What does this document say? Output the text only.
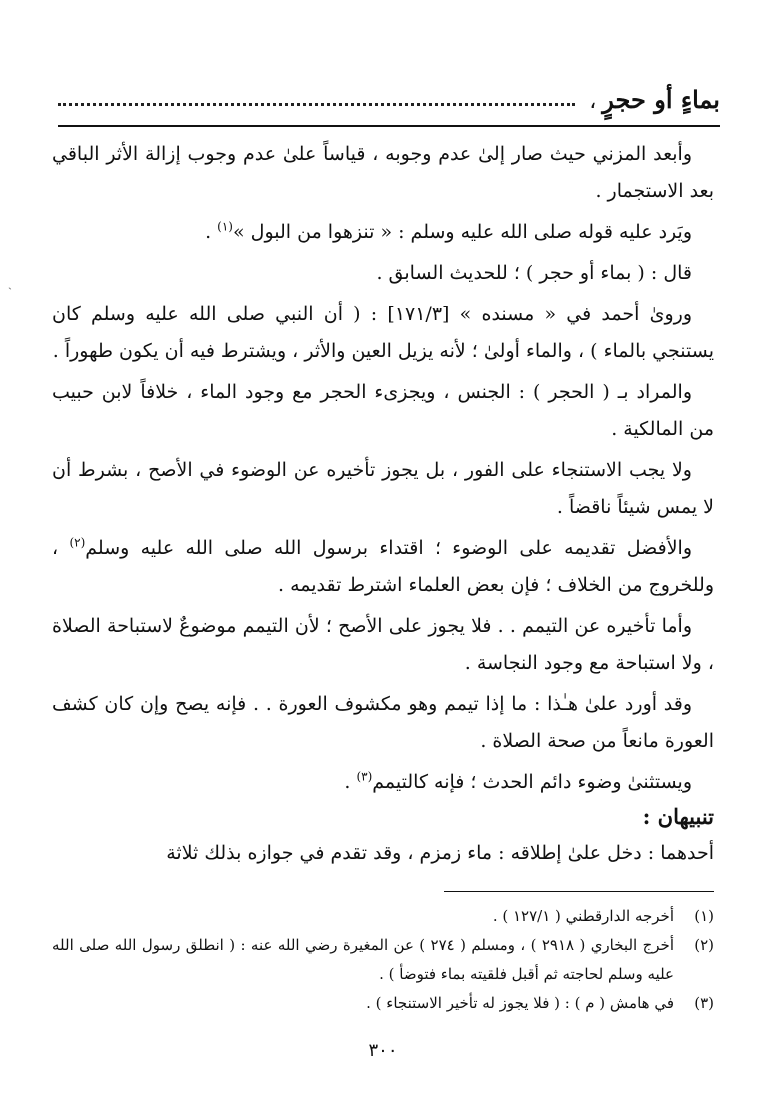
بماءٍ أو حجرٍ
،
ˎ

وأبعد المزني حيث صار إلىٰ عدم وجوبه ، قياساً علىٰ عدم وجوب إزالة الأثر الباقي بعد الاستجمار .

ويَرد عليه قوله صلى الله عليه وسلم : « تنزهوا من البول »$^{(١)}$ .

قال : ( بماء أو حجر ) ؛ للحديث السابق .

ورویٰ أحمد في « مسنده » [١٧١/٣] : ( أن النبي صلى الله عليه وسلم كان يستنجي بالماء ) ، والماء أولىٰ ؛ لأنه يزيل العين والأثر ، ويشترط فيه أن يكون طهوراً .

والمراد بـ ( الحجر ) : الجنس ، ويجزىء الحجر مع وجود الماء ، خلافاً لابن حبيب من المالكية .

ولا يجب الاستنجاء على الفور ، بل يجوز تأخيره عن الوضوء في الأصح ، بشرط أن لا يمس شيئاً ناقضاً .

والأفضل تقديمه على الوضوء ؛ اقتداء برسول الله صلى الله عليه وسلم$^{(٢)}$ ، وللخروج من الخلاف ؛ فإن بعض العلماء اشترط تقديمه .

وأما تأخيره عن التيمم . . فلا يجوز على الأصح ؛ لأن التيمم موضوعٌ لاستباحة الصلاة ، ولا استباحة مع وجود النجاسة .

وقد أورد علىٰ هـٰذا : ما إذا تيمم وهو مكشوف العورة . . فإنه يصح وإن كان كشف العورة مانعاً من صحة الصلاة .

ويستثنىٰ وضوء دائم الحدث ؛ فإنه كالتيمم$^{(٣)}$ .

تنبيهان :
أحدهما : دخل علىٰ إطلاقه : ماء زمزم ، وقد تقدم في جوازه بذلك ثلاثة
(١)
أخرجه الدارقطني ( ١٢٧/١ ) .
(٢)
أخرج البخاري ( ٢٩١٨ ) ، ومسلم ( ٢٧٤ ) عن المغيرة رضي الله عنه : ( انطلق رسول الله صلى الله عليه وسلم لحاجته ثم أقبل فلقيته بماء فتوضأ ) .
(٣)
في هامش ( م ) : ( فلا يجوز له تأخير الاستنجاء ) .
٣٠٠
